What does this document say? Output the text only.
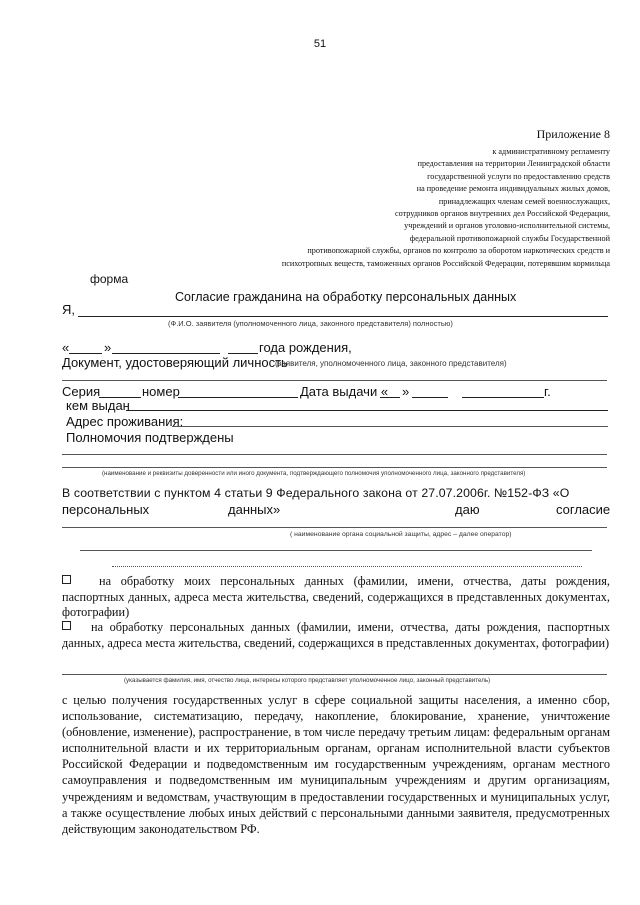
51
Приложение 8
к административному регламенту
предоставления на территории Ленинградской области
государственной услуги по предоставлению средств
на проведение ремонта индивидуальных жилых домов,
принадлежащих членам семей военнослужащих,
сотрудников органов внутренних дел Российской Федерации,
учреждений и органов уголовно-исполнительной системы,
федеральной противопожарной службы Государственной
противопожарной службы, органов по контролю за оборотом наркотических средств и
психотропных веществ, таможенных органов Российской Федерации, потерявшим кормильца
форма
Согласие гражданина на обработку персональных данных
Я,
(Ф.И.О. заявителя (уполномоченного лица, законного представителя) полностью)
«	»	года рождения,
Документ, удостоверяющий личность
(заявителя, уполномоченного лица, законного представителя)
Серия	номер	Дата выдачи « »	г.
кем выдан
Адрес проживания:
Полномочия подтверждены
(наименование и реквизиты доверенности или иного документа, подтверждающего полномочия уполномоченного лица, законного представителя)
В соответствии с пунктом 4 статьи 9 Федерального закона от 27.07.2006г. №152-ФЗ «О
персональных	данных»	даю	согласие
( наименование органа социальной защиты, адрес – далее оператор)
на обработку моих персональных данных (фамилии, имени, отчества, даты рождения, паспортных данных, адреса места жительства, сведений, содержащихся в представленных документах, фотографии)
на обработку персональных данных (фамилии, имени, отчества, даты рождения, паспортных данных, адреса места жительства, сведений, содержащихся в представленных документах, фотографии)
(указывается фамилия, имя, отчество лица, интересы которого представляет уполномоченное лицо, законный представитель)
с целью получения государственных услуг в сфере социальной защиты населения, а именно сбор, использование, систематизацию, передачу, накопление, блокирование, хранение, уничтожение (обновление, изменение), распространение, в том числе передачу третьим лицам: федеральным органам исполнительной власти и их территориальным органам, органам исполнительной власти субъектов Российской Федерации и подведомственным им государственным учреждениям, органам местного самоуправления и подведомственным им муниципальным учреждениям и другим организациям, учреждениям и ведомствам, участвующим в предоставлении государственных и муниципальных услуг, а также осуществление любых иных действий с персональными данными заявителя, предусмотренных действующим законодательством РФ.
